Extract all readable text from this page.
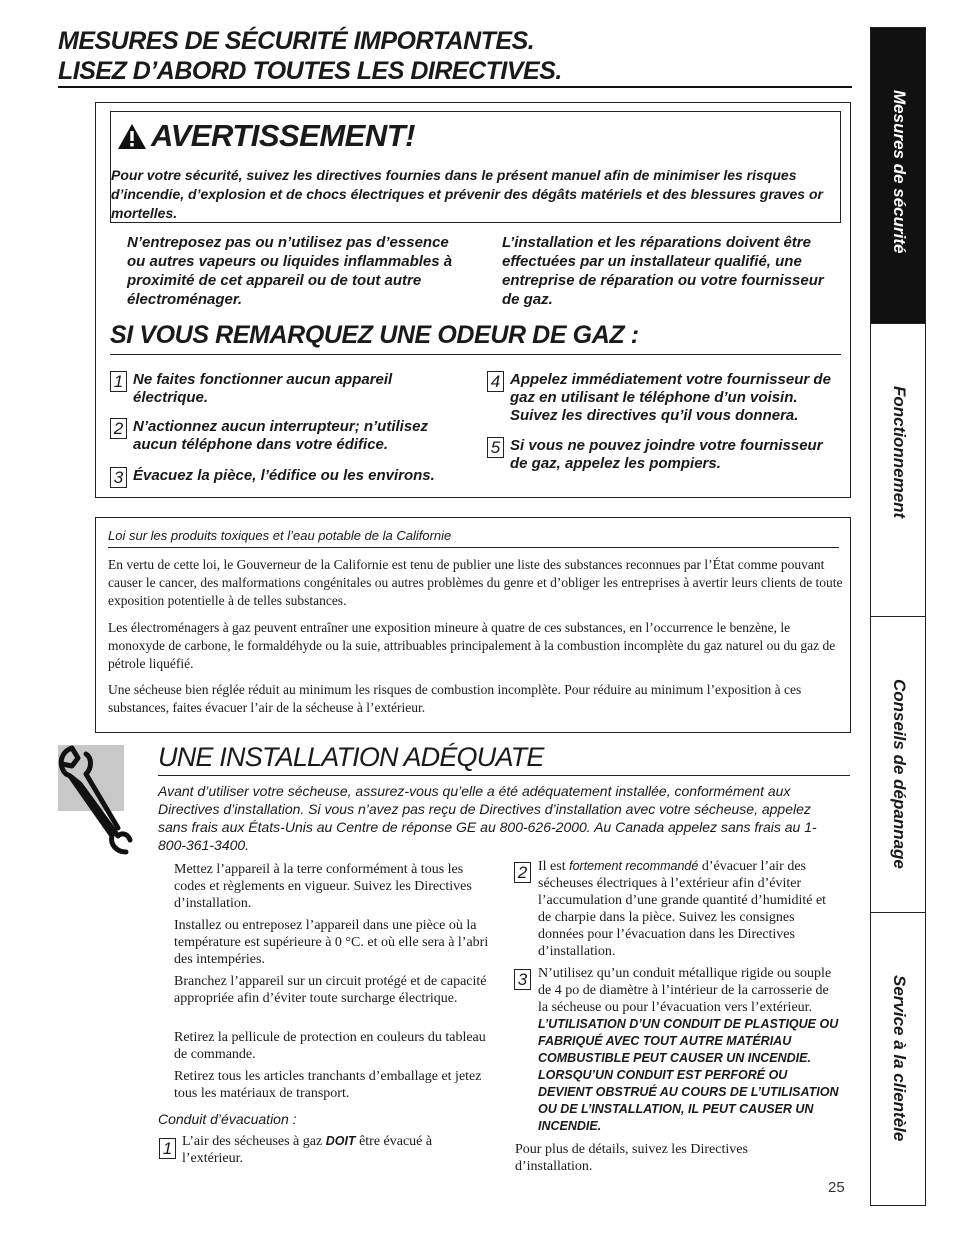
MESURES DE SÉCURITÉ IMPORTANTES.
LISEZ D’ABORD TOUTES LES DIRECTIVES.
Mesures de sécurité
Fonctionnement
Conseils de dépannage
Service à la clientèle
AVERTISSEMENT!
Pour votre sécurité, suivez les directives fournies dans le présent manuel afin de minimiser les risques d’incendie, d’explosion et de chocs électriques et prévenir des dégâts matériels et des blessures graves or mortelles.
N’entreposez pas ou n’utilisez pas d’essence ou autres vapeurs ou liquides inflammables à proximité de cet appareil ou de tout autre électroménager.
L’installation et les réparations doivent être effectuées par un installateur qualifié, une entreprise de réparation ou votre fournisseur de gaz.
SI VOUS REMARQUEZ UNE ODEUR DE GAZ :
1 Ne faites fonctionner aucun appareil électrique.
2 N’actionnez aucun interrupteur; n’utilisez aucun téléphone dans votre édifice.
3 Évacuez la pièce, l’édifice ou les environs.
4 Appelez immédiatement votre fournisseur de gaz en utilisant le téléphone d’un voisin. Suivez les directives qu’il vous donnera.
5 Si vous ne pouvez joindre votre fournisseur de gaz, appelez les pompiers.
Loi sur les produits toxiques et l’eau potable de la Californie

En vertu de cette loi, le Gouverneur de la Californie est tenu de publier une liste des substances reconnues par l’État comme pouvant causer le cancer, des malformations congénitales ou autres problèmes du genre et d’obliger les entreprises à avertir leurs clients de toute exposition potentielle à de telles substances.

Les électroménagers à gaz peuvent entraîner une exposition mineure à quatre de ces substances, en l’occurrence le benzène, le monoxyde de carbone, le formaldéhyde ou la suie, attribuables principalement à la combustion incomplète du gaz naturel ou du gaz de pétrole liquéfié.

Une sécheuse bien réglée réduit au minimum les risques de combustion incomplète. Pour réduire au minimum l’exposition à ces substances, faites évacuer l’air de la sécheuse à l’extérieur.

UNE INSTALLATION ADÉQUATE
Avant d’utiliser votre sécheuse, assurez-vous qu’elle a été adéquatement installée, conformément aux Directives d’installation. Si vous n’avez pas reçu de Directives d’installation avec votre sécheuse, appelez sans frais aux États-Unis au Centre de réponse GE au 800-626-2000. Au Canada appelez sans frais au 1-800-361-3400.

Mettez l’appareil à la terre conformément à tous les codes et règlements en vigueur. Suivez les Directives d’installation.

Installez ou entreposez l’appareil dans une pièce où la température est supérieure à 0 °C. et où elle sera à l’abri des intempéries.

Branchez l’appareil sur un circuit protégé et de capacité appropriée afin d’éviter toute surcharge électrique.

Retirez la pellicule de protection en couleurs du tableau de commande.

Retirez tous les articles tranchants d’emballage et jetez tous les matériaux de transport.

Conduit d’évacuation :
1 L’air des sécheuses à gaz DOIT être évacué à l’extérieur.

2 Il est fortement recommandé d’évacuer l’air des sécheuses électriques à l’extérieur afin d’éviter l’accumulation d’une grande quantité d’humidité et de charpie dans la pièce. Suivez les consignes données pour l’évacuation dans les Directives d’installation.

3 N’utilisez qu’un conduit métallique rigide ou souple de 4 po de diamètre à l’intérieur de la carrosserie de la sécheuse ou pour l’évacuation vers l’extérieur. L’UTILISATION D’UN CONDUIT DE PLASTIQUE OU FABRIQUÉ AVEC TOUT AUTRE MATÉRIAU COMBUSTIBLE PEUT CAUSER UN INCENDIE. LORSQU’UN CONDUIT EST PERFORÉ OU DEVIENT OBSTRUÉ AU COURS DE L’UTILISATION OU DE L’INSTALLATION, IL PEUT CAUSER UN INCENDIE.

Pour plus de détails, suivez les Directives d’installation.

25
